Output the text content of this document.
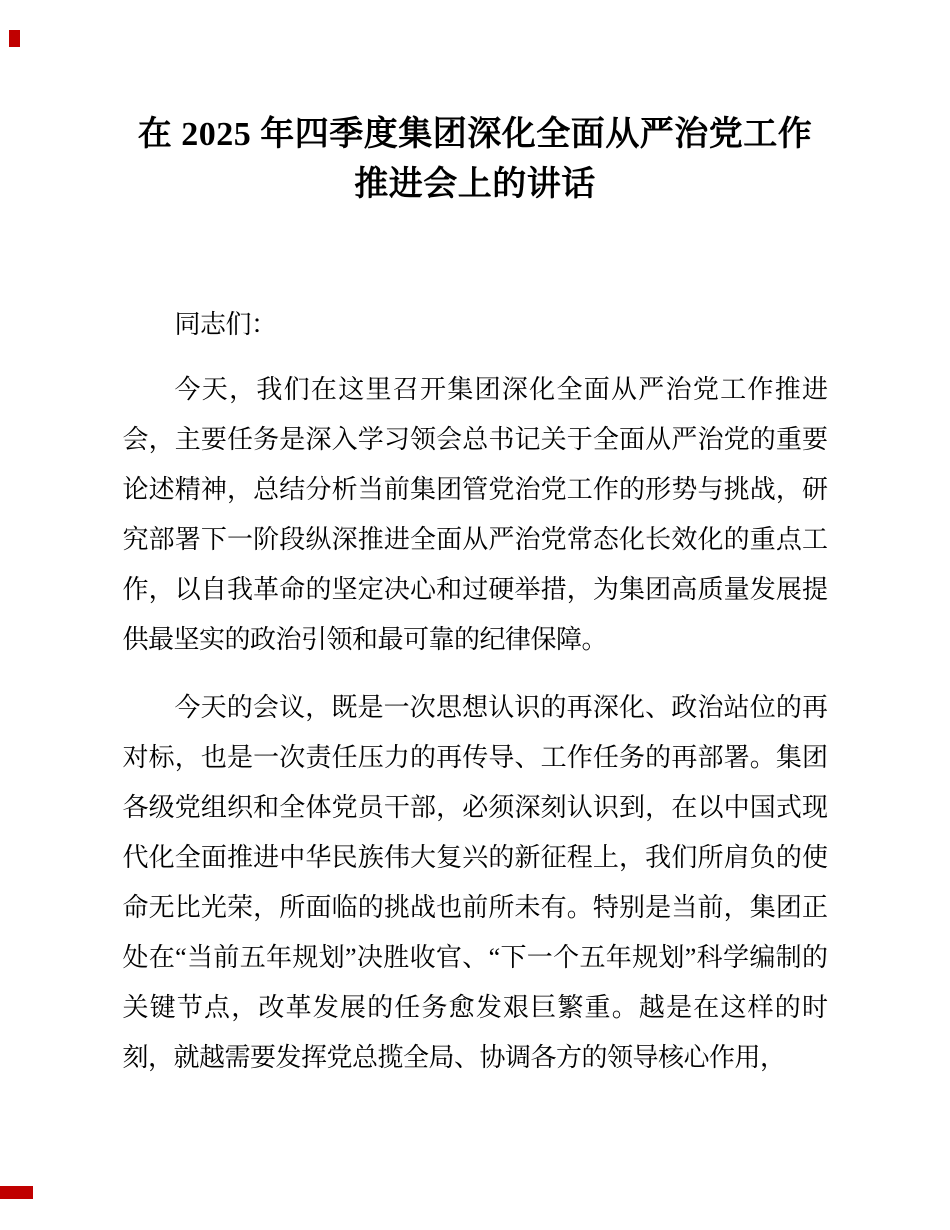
在 2025 年四季度集团深化全面从严治党工作
推进会上的讲话

同志们：

今天，我们在这里召开集团深化全面从严治党工作推进会，主要任务是深入学习领会总书记关于全面从严治党的重要论述精神，总结分析当前集团管党治党工作的形势与挑战，研究部署下一阶段纵深推进全面从严治党常态化长效化的重点工作，以自我革命的坚定决心和过硬举措，为集团高质量发展提供最坚实的政治引领和最可靠的纪律保障。

今天的会议，既是一次思想认识的再深化、政治站位的再对标，也是一次责任压力的再传导、工作任务的再部署。集团各级党组织和全体党员干部，必须深刻认识到，在以中国式现代化全面推进中华民族伟大复兴的新征程上，我们所肩负的使命无比光荣，所面临的挑战也前所未有。特别是当前，集团正处在“当前五年规划”决胜收官、“下一个五年规划”科学编制的关键节点，改革发展的任务愈发艰巨繁重。越是在这样的时刻，就越需要发挥党总揽全局、协调各方的领导核心作用，
